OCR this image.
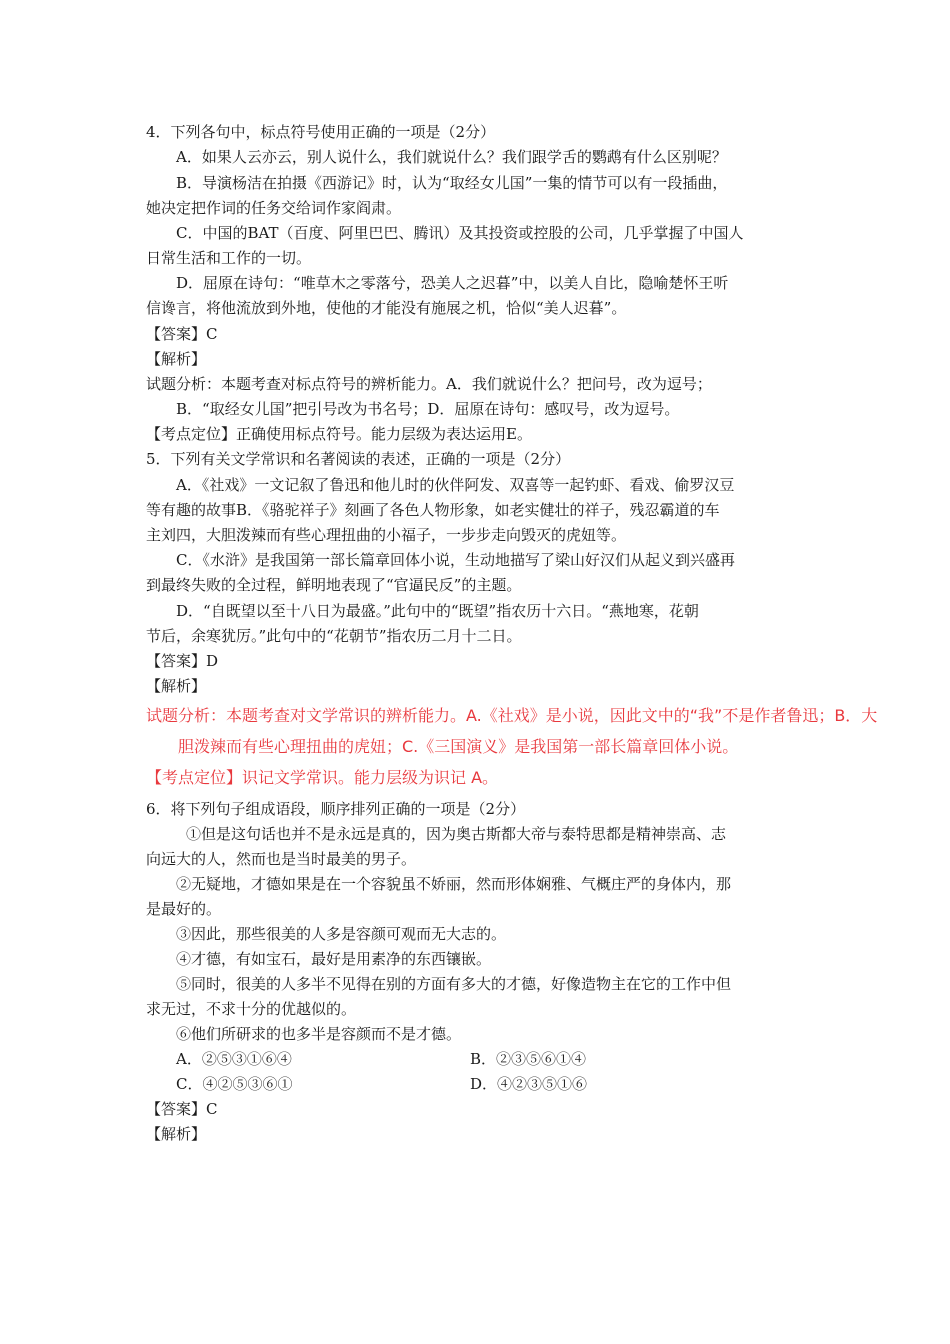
4．下列各句中，标点符号使用正确的一项是（2分）
A．如果人云亦云，别人说什么，我们就说什么？我们跟学舌的鹦鹉有什么区别呢？
B．导演杨洁在拍摄《西游记》时，认为“取经女儿国”一集的情节可以有一段插曲，
她决定把作词的任务交给词作家阎肃。
C．中国的BAT（百度、阿里巴巴、腾讯）及其投资或控股的公司，几乎掌握了中国人
日常生活和工作的一切。
D．屈原在诗句：“唯草木之零落兮，恐美人之迟暮”中，以美人自比，隐喻楚怀王听
信谗言，将他流放到外地，使他的才能没有施展之机，恰似“美人迟暮”。
【答案】C
【解析】
试题分析：本题考查对标点符号的辨析能力。A．我们就说什么？把问号，改为逗号；
B．“取经女儿国”把引号改为书名号；D．屈原在诗句：感叹号，改为逗号。
【考点定位】正确使用标点符号。能力层级为表达运用E。
5．下列有关文学常识和名著阅读的表述，正确的一项是（2分）
A．《社戏》一文记叙了鲁迅和他儿时的伙伴阿发、双喜等一起钓虾、看戏、偷罗汉豆
等有趣的故事B．《骆驼祥子》刻画了各色人物形象，如老实健壮的祥子，残忍霸道的车
主刘四，大胆泼辣而有些心理扭曲的小福子，一步步走向毁灭的虎妞等。
C．《水浒》是我国第一部长篇章回体小说，生动地描写了梁山好汉们从起义到兴盛再
到最终失败的全过程，鲜明地表现了“官逼民反”的主题。
D．“自既望以至十八日为最盛。”此句中的“既望”指农历十六日。“燕地寒，花朝
节后，余寒犹厉。”此句中的“花朝节”指农历二月十二日。
【答案】D
【解析】
试题分析：本题考查对文学常识的辨析能力。A.《社戏》是小说，因此文中的“我”不是作者鲁迅；B．大
胆泼辣而有些心理扭曲的虎妞；C.《三国演义》是我国第一部长篇章回体小说。
【考点定位】识记文学常识。能力层级为识记 A。
6．将下列句子组成语段，顺序排列正确的一项是（2分）
①但是这句话也并不是永远是真的，因为奥古斯都大帝与泰特思都是精神崇高、志
向远大的人，然而也是当时最美的男子。
②无疑地，才德如果是在一个容貌虽不娇丽，然而形体娴雅、气概庄严的身体内，那
是最好的。
③因此，那些很美的人多是容颜可观而无大志的。
④才德，有如宝石，最好是用素净的东西镶嵌。
⑤同时，很美的人多半不见得在别的方面有多大的才德，好像造物主在它的工作中但
求无过，不求十分的优越似的。
⑥他们所研求的也多半是容颜而不是才德。
A．②⑤③①⑥④	B．②③⑤⑥①④
C．④②⑤③⑥①	D．④②③⑤①⑥
【答案】C
【解析】
